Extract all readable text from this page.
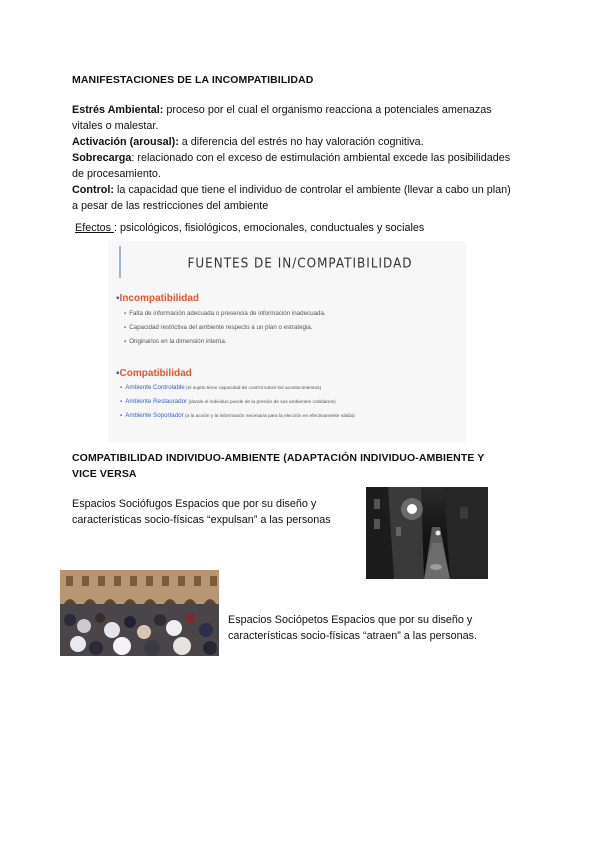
MANIFESTACIONES DE LA INCOMPATIBILIDAD
Estrés Ambiental: proceso por el cual el organismo reacciona a potenciales amenazas
vitales o malestar.
Activación (arousal): a diferencia del estrés no hay valoración cognitiva.
Sobrecarga: relacionado con el exceso de estimulación ambiental excede las posibilidades
de procesamiento.
Control: la capacidad que tiene el individuo de controlar el ambiente (llevar a cabo un plan)
a pesar de las restricciones del ambiente
Efectos : psicológicos, fisiológicos, emocionales, conductuales y sociales
FUENTES DE IN/COMPATIBILIDAD
▪Incompatibilidad
▪ Falta de información adecuada o presencia de información inadecuada.
▪ Capacidad restrictiva del ambiente respecto a un plan o estrategia.
▪ Originarios en la dimensión interna.
▪Compatibilidad
▪ Ambiente Controlable (el sujeto tiene capacidad de control sobre los acontecimientos)
▪ Ambiente Restaurador (donde el individuo puede de la presión de sus ambientes cotidianos)
▪ Ambiente Soportador (a la acción y la información necesaria para la elección en efectivamente válida)
COMPATIBILIDAD INDIVIDUO-AMBIENTE (ADAPTACIÓN INDIVIDUO-AMBIENTE Y
VICE VERSA
Espacios Sociófugos Espacios que por su diseño y
características socio-físicas “expulsan” a las personas
Espacios Sociópetos Espacios que por su diseño y
características socio-físicas “atraen” a las personas.
